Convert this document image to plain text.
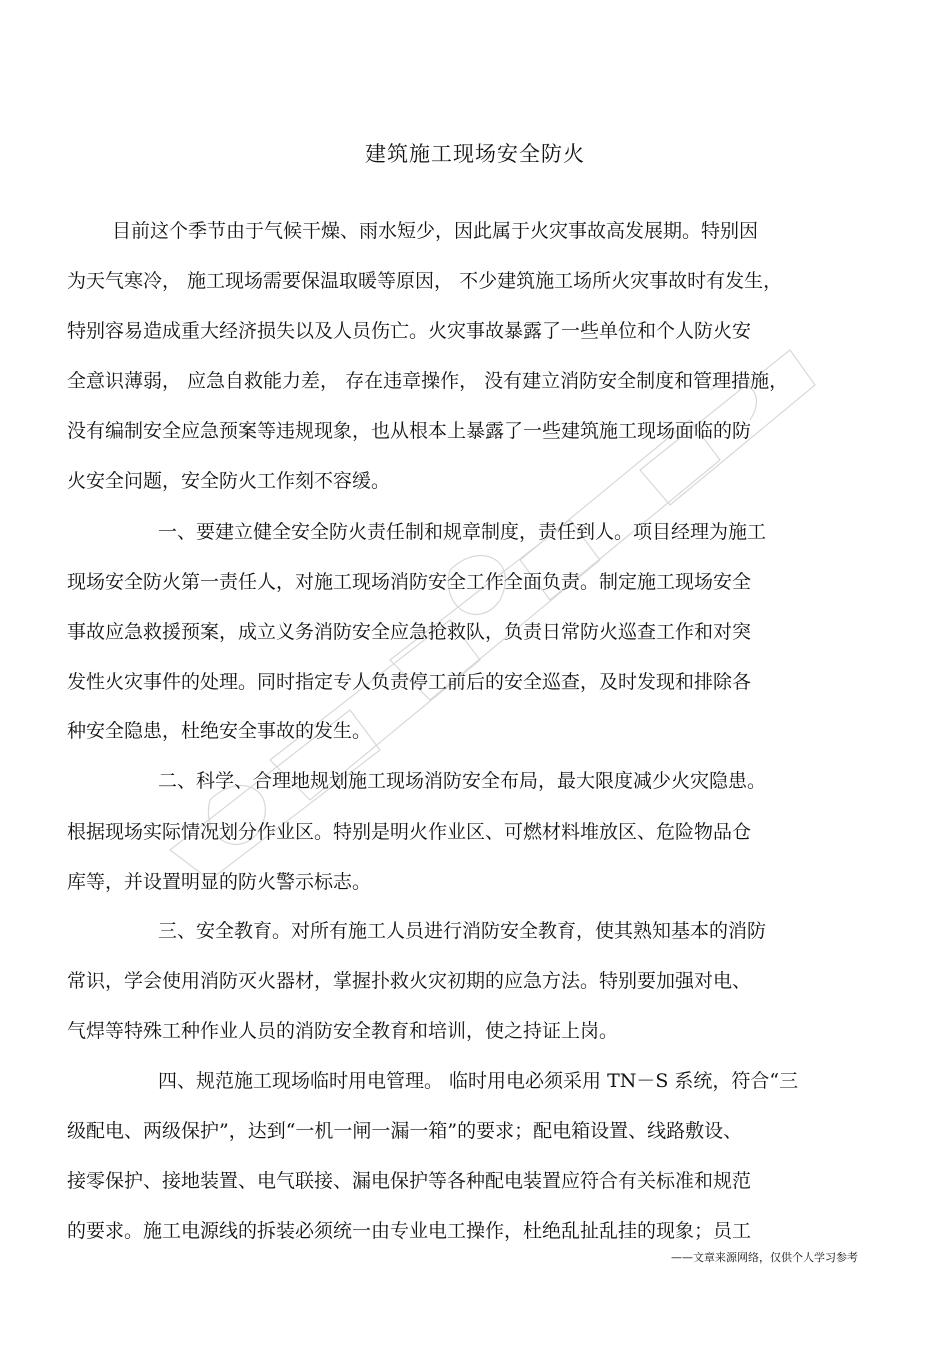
建筑施工现场安全防火
目前这个季节由于气候干燥、雨水短少，因此属于火灾事故高发展期。特别因
为天气寒冷， 施工现场需要保温取暖等原因， 不少建筑施工场所火灾事故时有发生，
特别容易造成重大经济损失以及人员伤亡。火灾事故暴露了一些单位和个人防火安
全意识薄弱， 应急自救能力差， 存在违章操作， 没有建立消防安全制度和管理措施，
没有编制安全应急预案等违规现象，也从根本上暴露了一些建筑施工现场面临的防
火安全问题，安全防火工作刻不容缓。
一、要建立健全安全防火责任制和规章制度，责任到人。项目经理为施工
现场安全防火第一责任人，对施工现场消防安全工作全面负责。制定施工现场安全
事故应急救援预案，成立义务消防安全应急抢救队，负责日常防火巡查工作和对突
发性火灾事件的处理。同时指定专人负责停工前后的安全巡查，及时发现和排除各
种安全隐患，杜绝安全事故的发生。
二、科学、合理地规划施工现场消防安全布局，最大限度减少火灾隐患。
根据现场实际情况划分作业区。特别是明火作业区、可燃材料堆放区、危险物品仓
库等，并设置明显的防火警示标志。
三、安全教育。对所有施工人员进行消防安全教育，使其熟知基本的消防
常识，学会使用消防灭火器材，掌握扑救火灾初期的应急方法。特别要加强对电、
气焊等特殊工种作业人员的消防安全教育和培训，使之持证上岗。
四、规范施工现场临时用电管理。 临时用电必须采用 TN－S 系统，符合“三
级配电、两级保护”，达到“一机一闸一漏一箱”的要求；配电箱设置、线路敷设、
接零保护、接地装置、电气联接、漏电保护等各种配电装置应符合有关标准和规范
的要求。施工电源线的拆装必须统一由专业电工操作，杜绝乱扯乱挂的现象；员工
——文章来源网络，仅供个人学习参考
